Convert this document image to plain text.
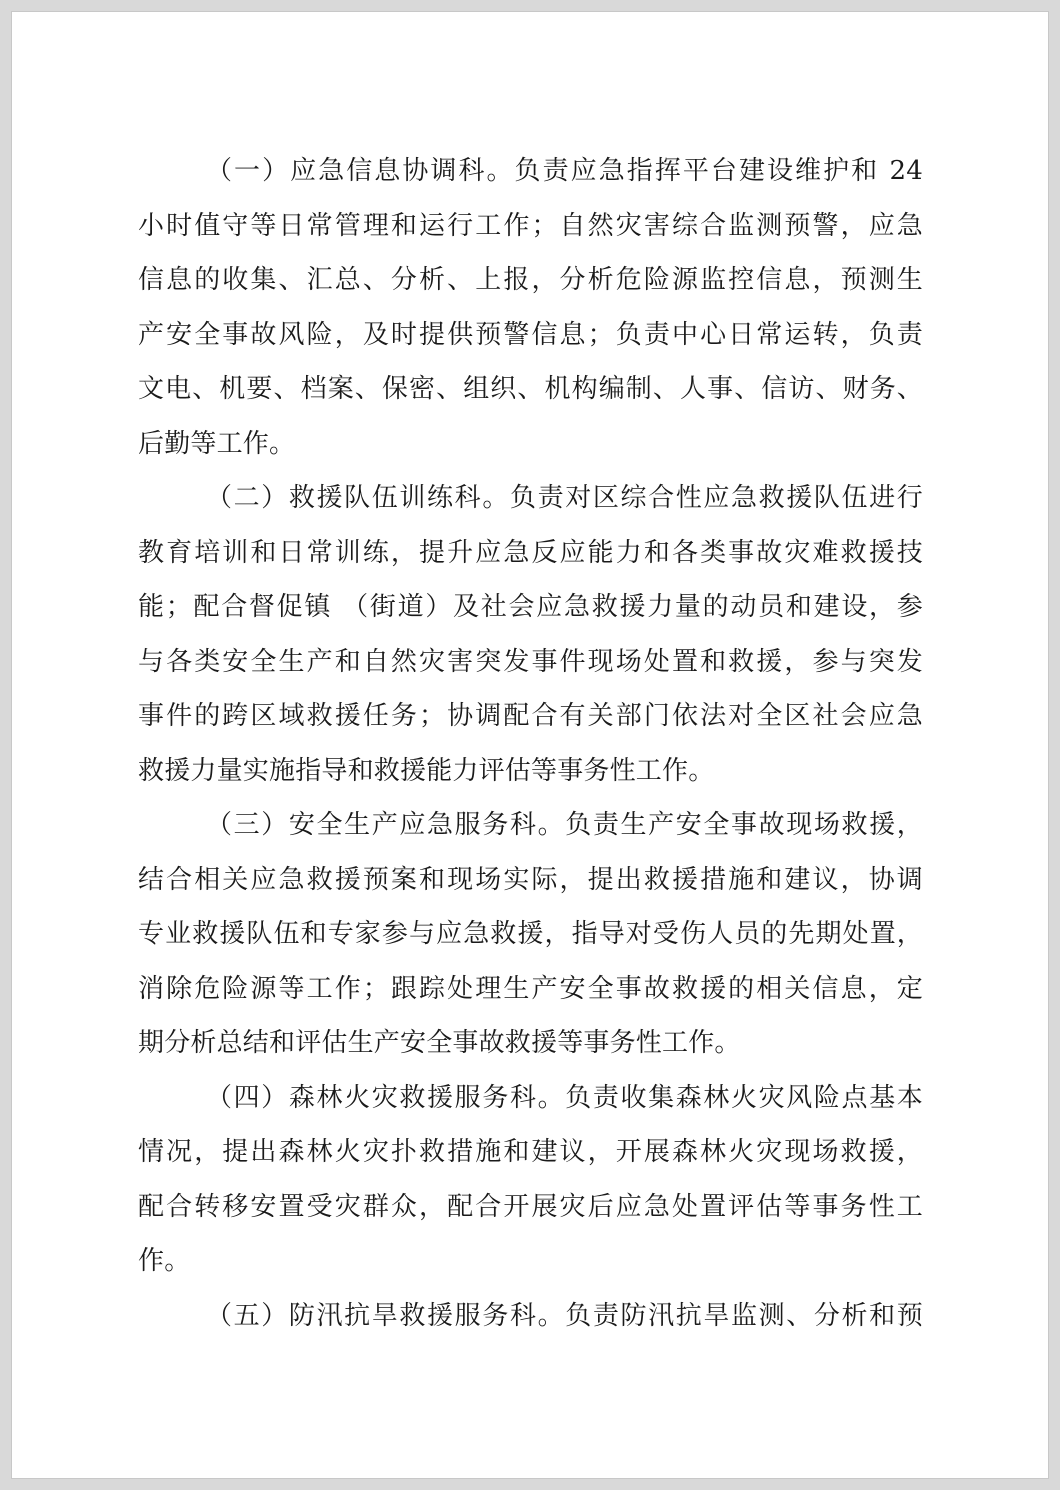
（一）应急信息协调科。负责应急指挥平台建设维护和 24
小时值守等日常管理和运行工作；自然灾害综合监测预警，应急
信息的收集、汇总、分析、上报，分析危险源监控信息，预测生
产安全事故风险，及时提供预警信息；负责中心日常运转，负责
文电、机要、档案、保密、组织、机构编制、人事、信访、财务、
后勤等工作。
（二）救援队伍训练科。负责对区综合性应急救援队伍进行
教育培训和日常训练，提升应急反应能力和各类事故灾难救援技
能；配合督促镇 （街道）及社会应急救援力量的动员和建设，参
与各类安全生产和自然灾害突发事件现场处置和救援，参与突发
事件的跨区域救援任务；协调配合有关部门依法对全区社会应急
救援力量实施指导和救援能力评估等事务性工作。
（三）安全生产应急服务科。负责生产安全事故现场救援，
结合相关应急救援预案和现场实际，提出救援措施和建议，协调
专业救援队伍和专家参与应急救援，指导对受伤人员的先期处置，
消除危险源等工作；跟踪处理生产安全事故救援的相关信息，定
期分析总结和评估生产安全事故救援等事务性工作。
（四）森林火灾救援服务科。负责收集森林火灾风险点基本
情况，提出森林火灾扑救措施和建议，开展森林火灾现场救援，
配合转移安置受灾群众，配合开展灾后应急处置评估等事务性工
作。
（五）防汛抗旱救援服务科。负责防汛抗旱监测、分析和预
